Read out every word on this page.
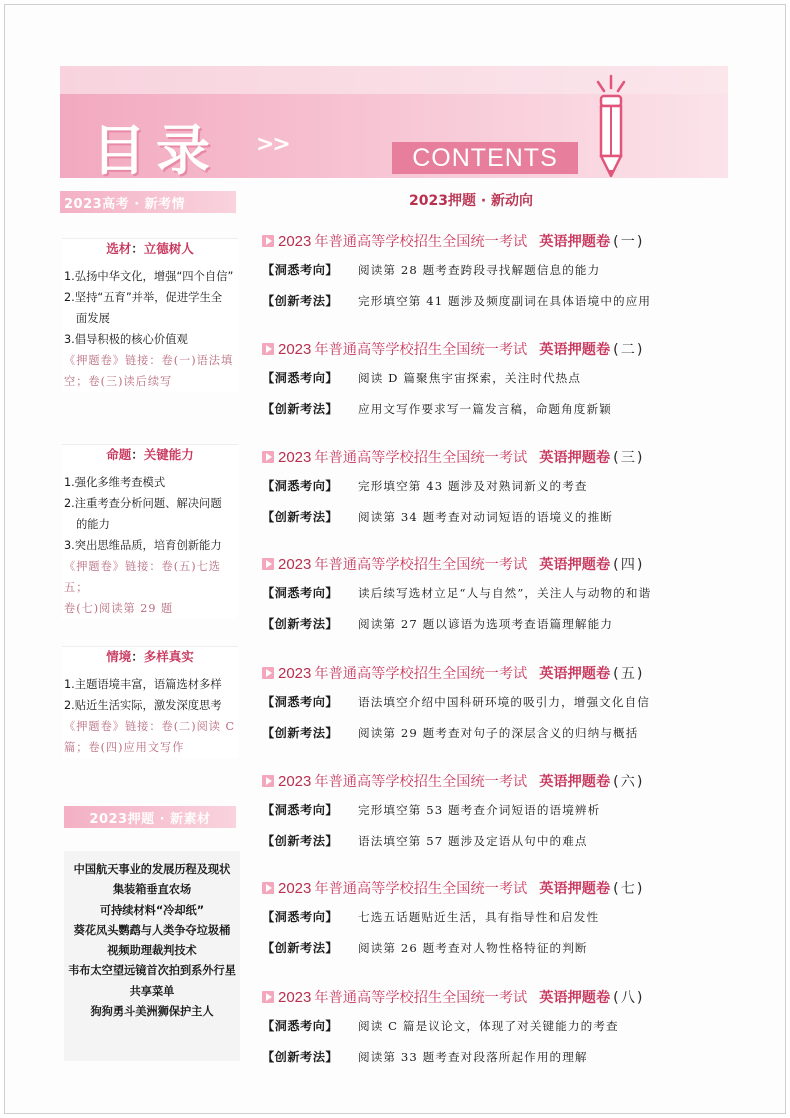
目录 >>	CONTENTS
2023高考 · 新考情
选材：立德树人
1.弘扬中华文化，增强“四个自信”
2.坚持“五育”并举，促进学生全
面发展
3.倡导积极的核心价值观
《押题卷》链接：卷(一)语法填
空；卷(三)读后续写
命题：关键能力
1.强化多维考查模式
2.注重考查分析问题、解决问题
的能力
3.突出思维品质，培育创新能力
《押题卷》链接：卷(五)七选五；
卷(七)阅读第 29 题
情境：多样真实
1.主题语境丰富，语篇选材多样
2.贴近生活实际，激发深度思考
《押题卷》链接：卷(二)阅读 C
篇；卷(四)应用文写作
2023押题 · 新素材
中国航天事业的发展历程及现状
集装箱垂直农场
可持续材料“冷却纸”
葵花凤头鹦鹉与人类争夺垃圾桶
视频助理裁判技术
韦布太空望远镜首次拍到系外行星
共享菜单
狗狗勇斗美洲狮保护主人
2023押题 · 新动向
2023 年普通高等学校招生全国统一考试 英语押题卷 (一)
【洞悉考向】	阅读第 28 题考查跨段寻找解题信息的能力
【创新考法】	完形填空第 41 题涉及频度副词在具体语境中的应用
2023 年普通高等学校招生全国统一考试 英语押题卷 (二)
【洞悉考向】	阅读 D 篇聚焦宇宙探索，关注时代热点
【创新考法】	应用文写作要求写一篇发言稿，命题角度新颖
2023 年普通高等学校招生全国统一考试 英语押题卷 (三)
【洞悉考向】	完形填空第 43 题涉及对熟词新义的考查
【创新考法】	阅读第 34 题考查对动词短语的语境义的推断
2023 年普通高等学校招生全国统一考试 英语押题卷 (四)
【洞悉考向】	读后续写选材立足“人与自然”，关注人与动物的和谐
【创新考法】	阅读第 27 题以谚语为选项考查语篇理解能力
2023 年普通高等学校招生全国统一考试 英语押题卷 (五)
【洞悉考向】	语法填空介绍中国科研环境的吸引力，增强文化自信
【创新考法】	阅读第 29 题考查对句子的深层含义的归纳与概括
2023 年普通高等学校招生全国统一考试 英语押题卷 (六)
【洞悉考向】	完形填空第 53 题考查介词短语的语境辨析
【创新考法】	语法填空第 57 题涉及定语从句中的难点
2023 年普通高等学校招生全国统一考试 英语押题卷 (七)
【洞悉考向】	七选五话题贴近生活，具有指导性和启发性
【创新考法】	阅读第 26 题考查对人物性格特征的判断
2023 年普通高等学校招生全国统一考试 英语押题卷 (八)
【洞悉考向】	阅读 C 篇是议论文，体现了对关键能力的考查
【创新考法】	阅读第 33 题考查对段落所起作用的理解
